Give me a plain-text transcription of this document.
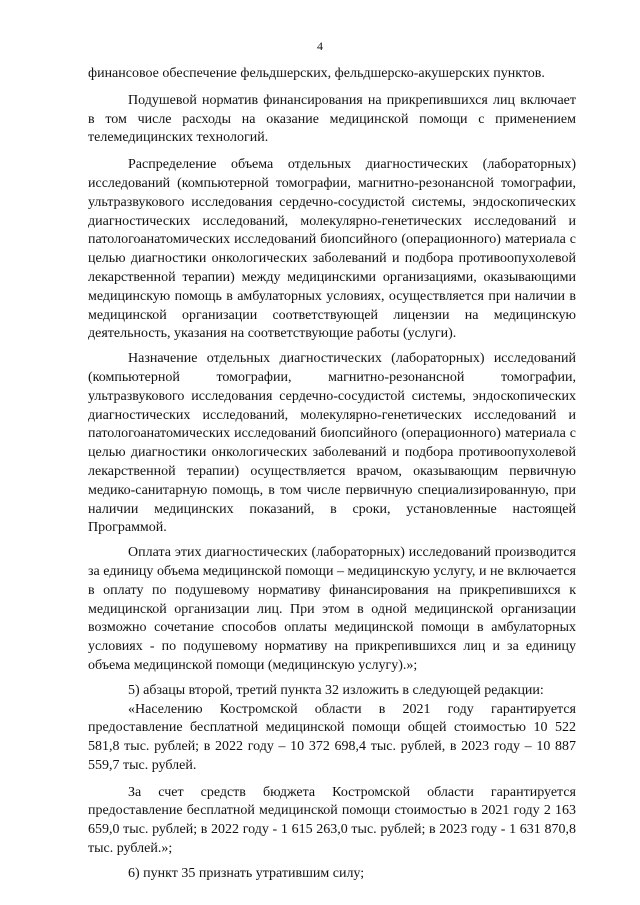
4

финансовое обеспечение фельдшерских, фельдшерско-акушерских пунктов.

Подушевой норматив финансирования на прикрепившихся лиц включает в том числе расходы на оказание медицинской помощи с применением телемедицинских технологий.

Распределение объема отдельных диагностических (лабораторных) исследований (компьютерной томографии, магнитно-резонансной томографии, ультразвукового исследования сердечно-сосудистой системы, эндоскопических диагностических исследований, молекулярно-генетических исследований и патологоанатомических исследований биопсийного (операционного) материала с целью диагностики онкологических заболеваний и подбора противоопухолевой лекарственной терапии) между медицинскими организациями, оказывающими медицинскую помощь в амбулаторных условиях, осуществляется при наличии в медицинской организации соответствующей лицензии на медицинскую деятельность, указания на соответствующие работы (услуги).

Назначение отдельных диагностических (лабораторных) исследований (компьютерной томографии, магнитно-резонансной томографии, ультразвукового исследования сердечно-сосудистой системы, эндоскопических диагностических исследований, молекулярно-генетических исследований и патологоанатомических исследований биопсийного (операционного) материала с целью диагностики онкологических заболеваний и подбора противоопухолевой лекарственной терапии) осуществляется врачом, оказывающим первичную медико-санитарную помощь, в том числе первичную специализированную, при наличии медицинских показаний, в сроки, установленные настоящей Программой.

Оплата этих диагностических (лабораторных) исследований производится за единицу объема медицинской помощи – медицинскую услугу, и не включается в оплату по подушевому нормативу финансирования на прикрепившихся к медицинской организации лиц. При этом в одной медицинской организации возможно сочетание способов оплаты медицинской помощи в амбулаторных условиях - по подушевому нормативу на прикрепившихся лиц и за единицу объема медицинской помощи (медицинскую услугу).»;

5) абзацы второй, третий пункта 32 изложить в следующей редакции:

«Населению Костромской области в 2021 году гарантируется предоставление бесплатной медицинской помощи общей стоимостью 10 522 581,8 тыс. рублей; в 2022 году – 10 372 698,4 тыс. рублей, в 2023 году – 10 887 559,7 тыс. рублей.

За счет средств бюджета Костромской области гарантируется предоставление бесплатной медицинской помощи стоимостью в 2021 году 2 163 659,0 тыс. рублей; в 2022 году - 1 615 263,0 тыс. рублей; в 2023 году - 1 631 870,8 тыс. рублей.»;

6) пункт 35 признать утратившим силу;
